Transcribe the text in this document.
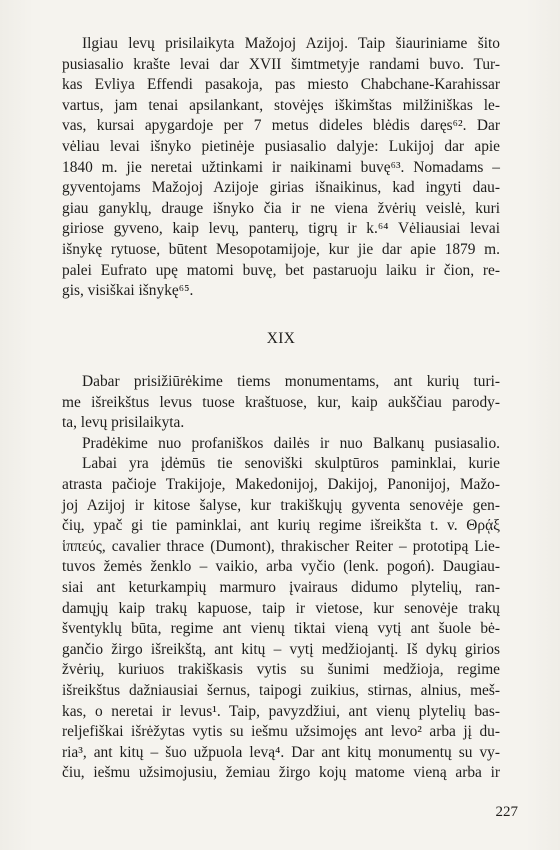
Ilgiau levų prisilaikyta Mažojoj Azijoj. Taip šiauriniame šito
pusiasalio krašte levai dar XVII šimtmetyje randami buvo. Tur-
kas Evliya Effendi pasakoja, pas miesto Chabchane-Karahissar
vartus, jam tenai apsilankant, stovėjęs iškimštas milžiniškas le-
vas, kursai apygardoje per 7 metus dideles blėdis daręs⁶². Dar
vėliau levai išnyko pietinėje pusiasalio dalyje: Lukijoj dar apie
1840 m. jie neretai užtinkami ir naikinami buvę⁶³. Nomadams –
gyventojams Mažojoj Azijoje girias išnaikinus, kad ingyti dau-
giau ganyklų, drauge išnyko čia ir ne viena žvėrių veislė, kuri
giriose gyveno, kaip levų, panterų, tigrų ir k.⁶⁴ Vėliausiai levai
išnykę rytuose, būtent Mesopotamijoje, kur jie dar apie 1879 m.
palei Eufrato upę matomi buvę, bet pastaruoju laiku ir čion, re-
gis, visiškai išnykę⁶⁵.
XIX
Dabar prisižiūrėkime tiems monumentams, ant kurių turi-
me išreikštus levus tuose kraštuose, kur, kaip aukščiau parody-
ta, levų prisilaikyta.
Pradėkime nuo profaniškos dailės ir nuo Balkanų pusiasalio.
Labai yra įdėmūs tie senoviški skulptūros paminklai, kurie
atrasta pačioje Trakijoje, Makedonijoj, Dakijoj, Panonijoj, Mažo-
joj Azijoj ir kitose šalyse, kur trakiškųjų gyventa senovėje gen-
čių, ypač gi tie paminklai, ant kurių regime išreikšta t. v. Θρᾴξ
ἱππεύς, cavalier thrace (Dumont), thrakischer Reiter – prototipą Lie-
tuvos žemės ženklo – vaikio, arba vyčio (lenk. pogoń). Daugiau-
siai ant keturkampių marmuro įvairaus didumo plytelių, ran-
damųjų kaip trakų kapuose, taip ir vietose, kur senovėje trakų
šventyklų būta, regime ant vienų tiktai vieną vytį ant šuole bė-
gančio žirgo išreikštą, ant kitų – vytį medžiojantį. Iš dykų girios
žvėrių, kuriuos trakiškasis vytis su šunimi medžioja, regime
išreikštus dažniausiai šernus, taipogi zuikius, stirnas, alnius, meš-
kas, o neretai ir levus¹. Taip, pavyzdžiui, ant vienų plytelių bas-
reljefiškai išrėžytas vytis su iešmu užsimojęs ant levo² arba jį du-
ria³, ant kitų – šuo užpuola levą⁴. Dar ant kitų monumentų su vy-
čiu, iešmu užsimojusiu, žemiau žirgo kojų matome vieną arba ir
227
